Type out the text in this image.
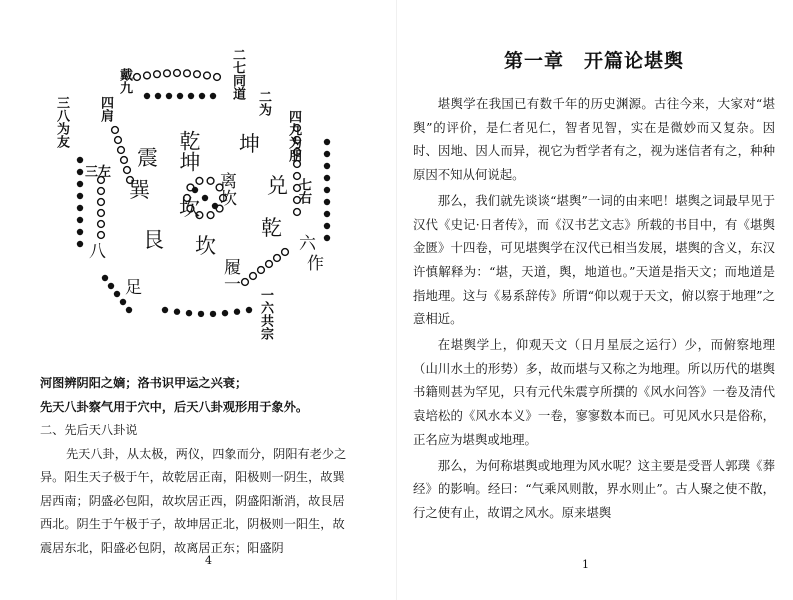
二七同道
二为
四九为朋
三八为友
戴九
四肩
三左
八
足
七右
六
作
一六共宗
乾坤
离坎
履一
坤
艮
兑
震
巽
乾
坎
坎

河图辨阴阳之嫡；洛书识甲运之兴衰；

先天八卦察气用于穴中，后天八卦观形用于象外。

二、先后天八卦说

先天八卦，从太极，两仪，四象而分，阴阳有老少之

异。阳生天子极于午，故乾居正南，阳极则一阴生，故巽

居西南；阴盛必包阳，故坎居正西，阴盛阳渐消，故艮居

西北。阴生于午极于子，故坤居正北，阴极则一阳生，故

震居东北，阳盛必包阴，故离居正东；阳盛阴

4
第一章 开篇论堪舆

堪舆学在我国已有数千年的历史渊源。古往今来，大家对“堪舆”的评价，是仁者见仁，智者见智，实在是微妙而又复杂。因时、因地、因人而异，视它为哲学者有之，视为迷信者有之，种种原因不知从何说起。

那么，我们就先谈谈“堪舆”一词的由来吧！堪舆之词最早见于汉代《史记·日者传》，而《汉书艺文志》所载的书目中，有《堪舆金匮》十四卷，可见堪舆学在汉代已相当发展，堪舆的含义，东汉许慎解释为：“堪，天道，舆，地道也。”天道是指天文；而地道是指地理。这与《易系辞传》所谓“仰以观于天文，俯以察于地理”之意相近。

在堪舆学上，仰观天文（日月星辰之运行）少，而俯察地理（山川水土的形势）多，故而堪与又称之为地理。所以历代的堪舆书籍则甚为罕见，只有元代朱震亨所撰的《风水问答》一卷及清代袁培松的《风水本义》一卷，寥寥数本而已。可见风水只是俗称，正名应为堪舆或地理。

那么，为何称堪舆或地理为风水呢？这主要是受晋人郭璞《葬经》的影响。经曰：“气乘风则散，界水则止”。古人聚之使不散，行之使有止，故谓之风水。原来堪舆

1
